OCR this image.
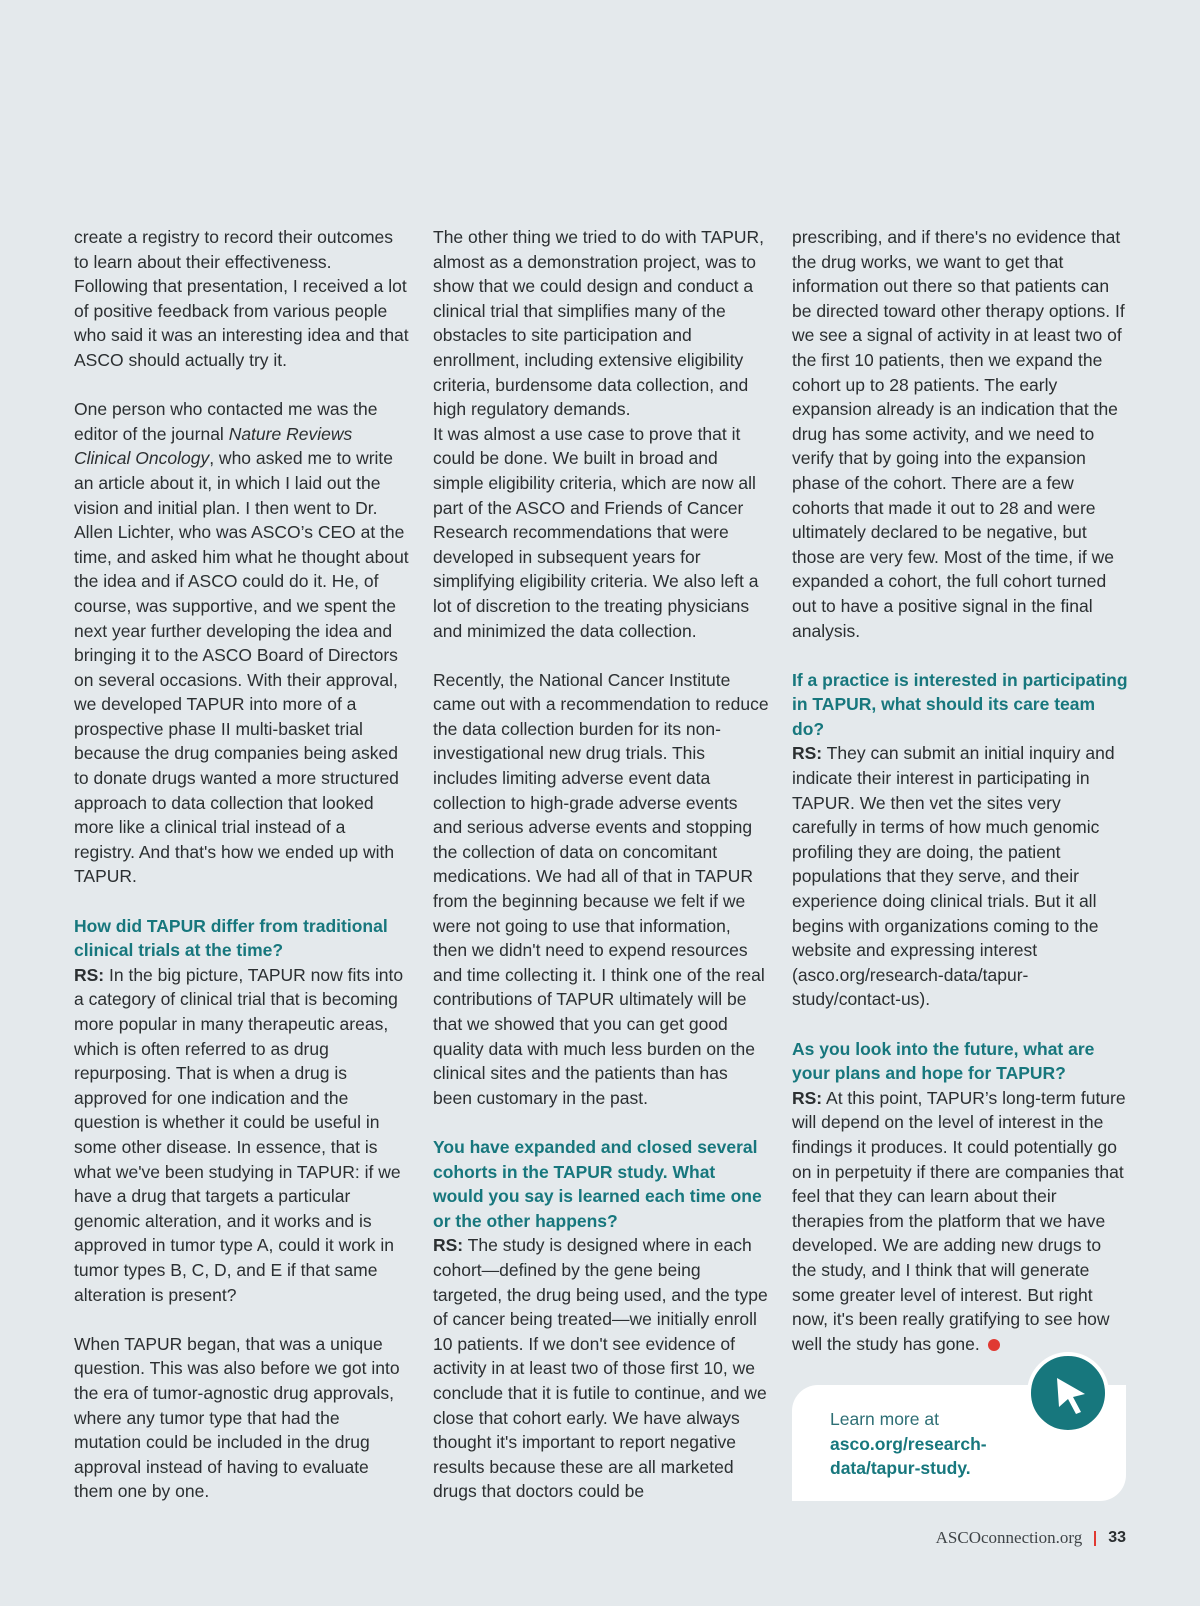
create a registry to record their outcomes to learn about their effectiveness. Following that presentation, I received a lot of positive feedback from various people who said it was an interesting idea and that ASCO should actually try it.

One person who contacted me was the editor of the journal Nature Reviews Clinical Oncology, who asked me to write an article about it, in which I laid out the vision and initial plan. I then went to Dr. Allen Lichter, who was ASCO’s CEO at the time, and asked him what he thought about the idea and if ASCO could do it. He, of course, was supportive, and we spent the next year further developing the idea and bringing it to the ASCO Board of Directors on several occasions. With their approval, we developed TAPUR into more of a prospective phase II multi-basket trial because the drug companies being asked to donate drugs wanted a more structured approach to data collection that looked more like a clinical trial instead of a registry. And that's how we ended up with TAPUR.

How did TAPUR differ from traditional clinical trials at the time?

RS: In the big picture, TAPUR now fits into a category of clinical trial that is becoming more popular in many therapeutic areas, which is often referred to as drug repurposing. That is when a drug is approved for one indication and the question is whether it could be useful in some other disease. In essence, that is what we've been studying in TAPUR: if we have a drug that targets a particular genomic alteration, and it works and is approved in tumor type A, could it work in tumor types B, C, D, and E if that same alteration is present?

When TAPUR began, that was a unique question. This was also before we got into the era of tumor-agnostic drug approvals, where any tumor type that had the mutation could be included in the drug approval instead of having to evaluate them one by one.

The other thing we tried to do with TAPUR, almost as a demonstration project, was to show that we could design and conduct a clinical trial that simplifies many of the obstacles to site participation and enrollment, including extensive eligibility criteria, burdensome data collection, and high regulatory demands.

It was almost a use case to prove that it could be done. We built in broad and simple eligibility criteria, which are now all part of the ASCO and Friends of Cancer Research recommendations that were developed in subsequent years for simplifying eligibility criteria. We also left a lot of discretion to the treating physicians and minimized the data collection.

Recently, the National Cancer Institute came out with a recommendation to reduce the data collection burden for its non-investigational new drug trials. This includes limiting adverse event data collection to high-grade adverse events and serious adverse events and stopping the collection of data on concomitant medications. We had all of that in TAPUR from the beginning because we felt if we were not going to use that information, then we didn't need to expend resources and time collecting it. I think one of the real contributions of TAPUR ultimately will be that we showed that you can get good quality data with much less burden on the clinical sites and the patients than has been customary in the past.

You have expanded and closed several cohorts in the TAPUR study. What would you say is learned each time one or the other happens?

RS: The study is designed where in each cohort—defined by the gene being targeted, the drug being used, and the type of cancer being treated—we initially enroll 10 patients. If we don't see evidence of activity in at least two of those first 10, we conclude that it is futile to continue, and we close that cohort early. We have always thought it's important to report negative results because these are all marketed drugs that doctors could be

prescribing, and if there's no evidence that the drug works, we want to get that information out there so that patients can be directed toward other therapy options. If we see a signal of activity in at least two of the first 10 patients, then we expand the cohort up to 28 patients. The early expansion already is an indication that the drug has some activity, and we need to verify that by going into the expansion phase of the cohort. There are a few cohorts that made it out to 28 and were ultimately declared to be negative, but those are very few. Most of the time, if we expanded a cohort, the full cohort turned out to have a positive signal in the final analysis.

If a practice is interested in participating in TAPUR, what should its care team do?

RS: They can submit an initial inquiry and indicate their interest in participating in TAPUR. We then vet the sites very carefully in terms of how much genomic profiling they are doing, the patient populations that they serve, and their experience doing clinical trials. But it all begins with organizations coming to the website and expressing interest (asco.org/research-data/tapur-study/contact-us).

As you look into the future, what are your plans and hope for TAPUR?

RS: At this point, TAPUR’s long-term future will depend on the level of interest in the findings it produces. It could potentially go on in perpetuity if there are companies that feel that they can learn about their therapies from the platform that we have developed. We are adding new drugs to the study, and I think that will generate some greater level of interest. But right now, it's been really gratifying to see how well the study has gone.

Learn more at
asco.org/research-data/tapur-study.
ASCOconnection.org 33
